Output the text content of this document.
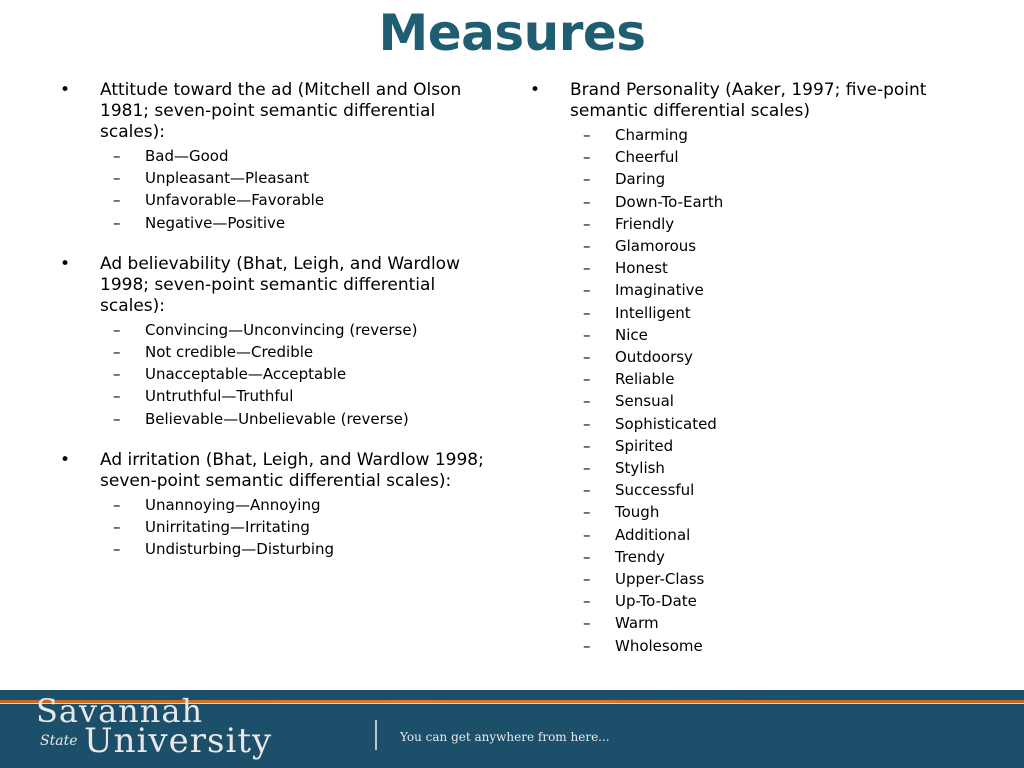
Measures

•	Attitude toward the ad (Mitchell and Olson 1981; seven-point semantic differential scales):

– Bad—Good
– Unpleasant—Pleasant
– Unfavorable—Favorable
– Negative—Positive

•	Ad believability (Bhat, Leigh, and Wardlow 1998; seven-point semantic differential scales):

– Convincing—Unconvincing (reverse)
– Not credible—Credible
– Unacceptable—Acceptable
– Untruthful—Truthful
– Believable—Unbelievable (reverse)

•	Ad irritation (Bhat, Leigh, and Wardlow 1998; seven-point semantic differential scales):

– Unannoying—Annoying
– Unirritating—Irritating
– Undisturbing—Disturbing

•	Brand Personality (Aaker, 1997; five-point semantic differential scales)

– Charming
– Cheerful
– Daring
– Down-To-Earth
– Friendly
– Glamorous
– Honest
– Imaginative
– Intelligent
– Nice
– Outdoorsy
– Reliable
– Sensual
– Sophisticated
– Spirited
– Stylish
– Successful
– Tough
– Additional
– Trendy
– Upper-Class
– Up-To-Date
– Warm
– Wholesome
Savannah
State University	You can get anywhere from here...
